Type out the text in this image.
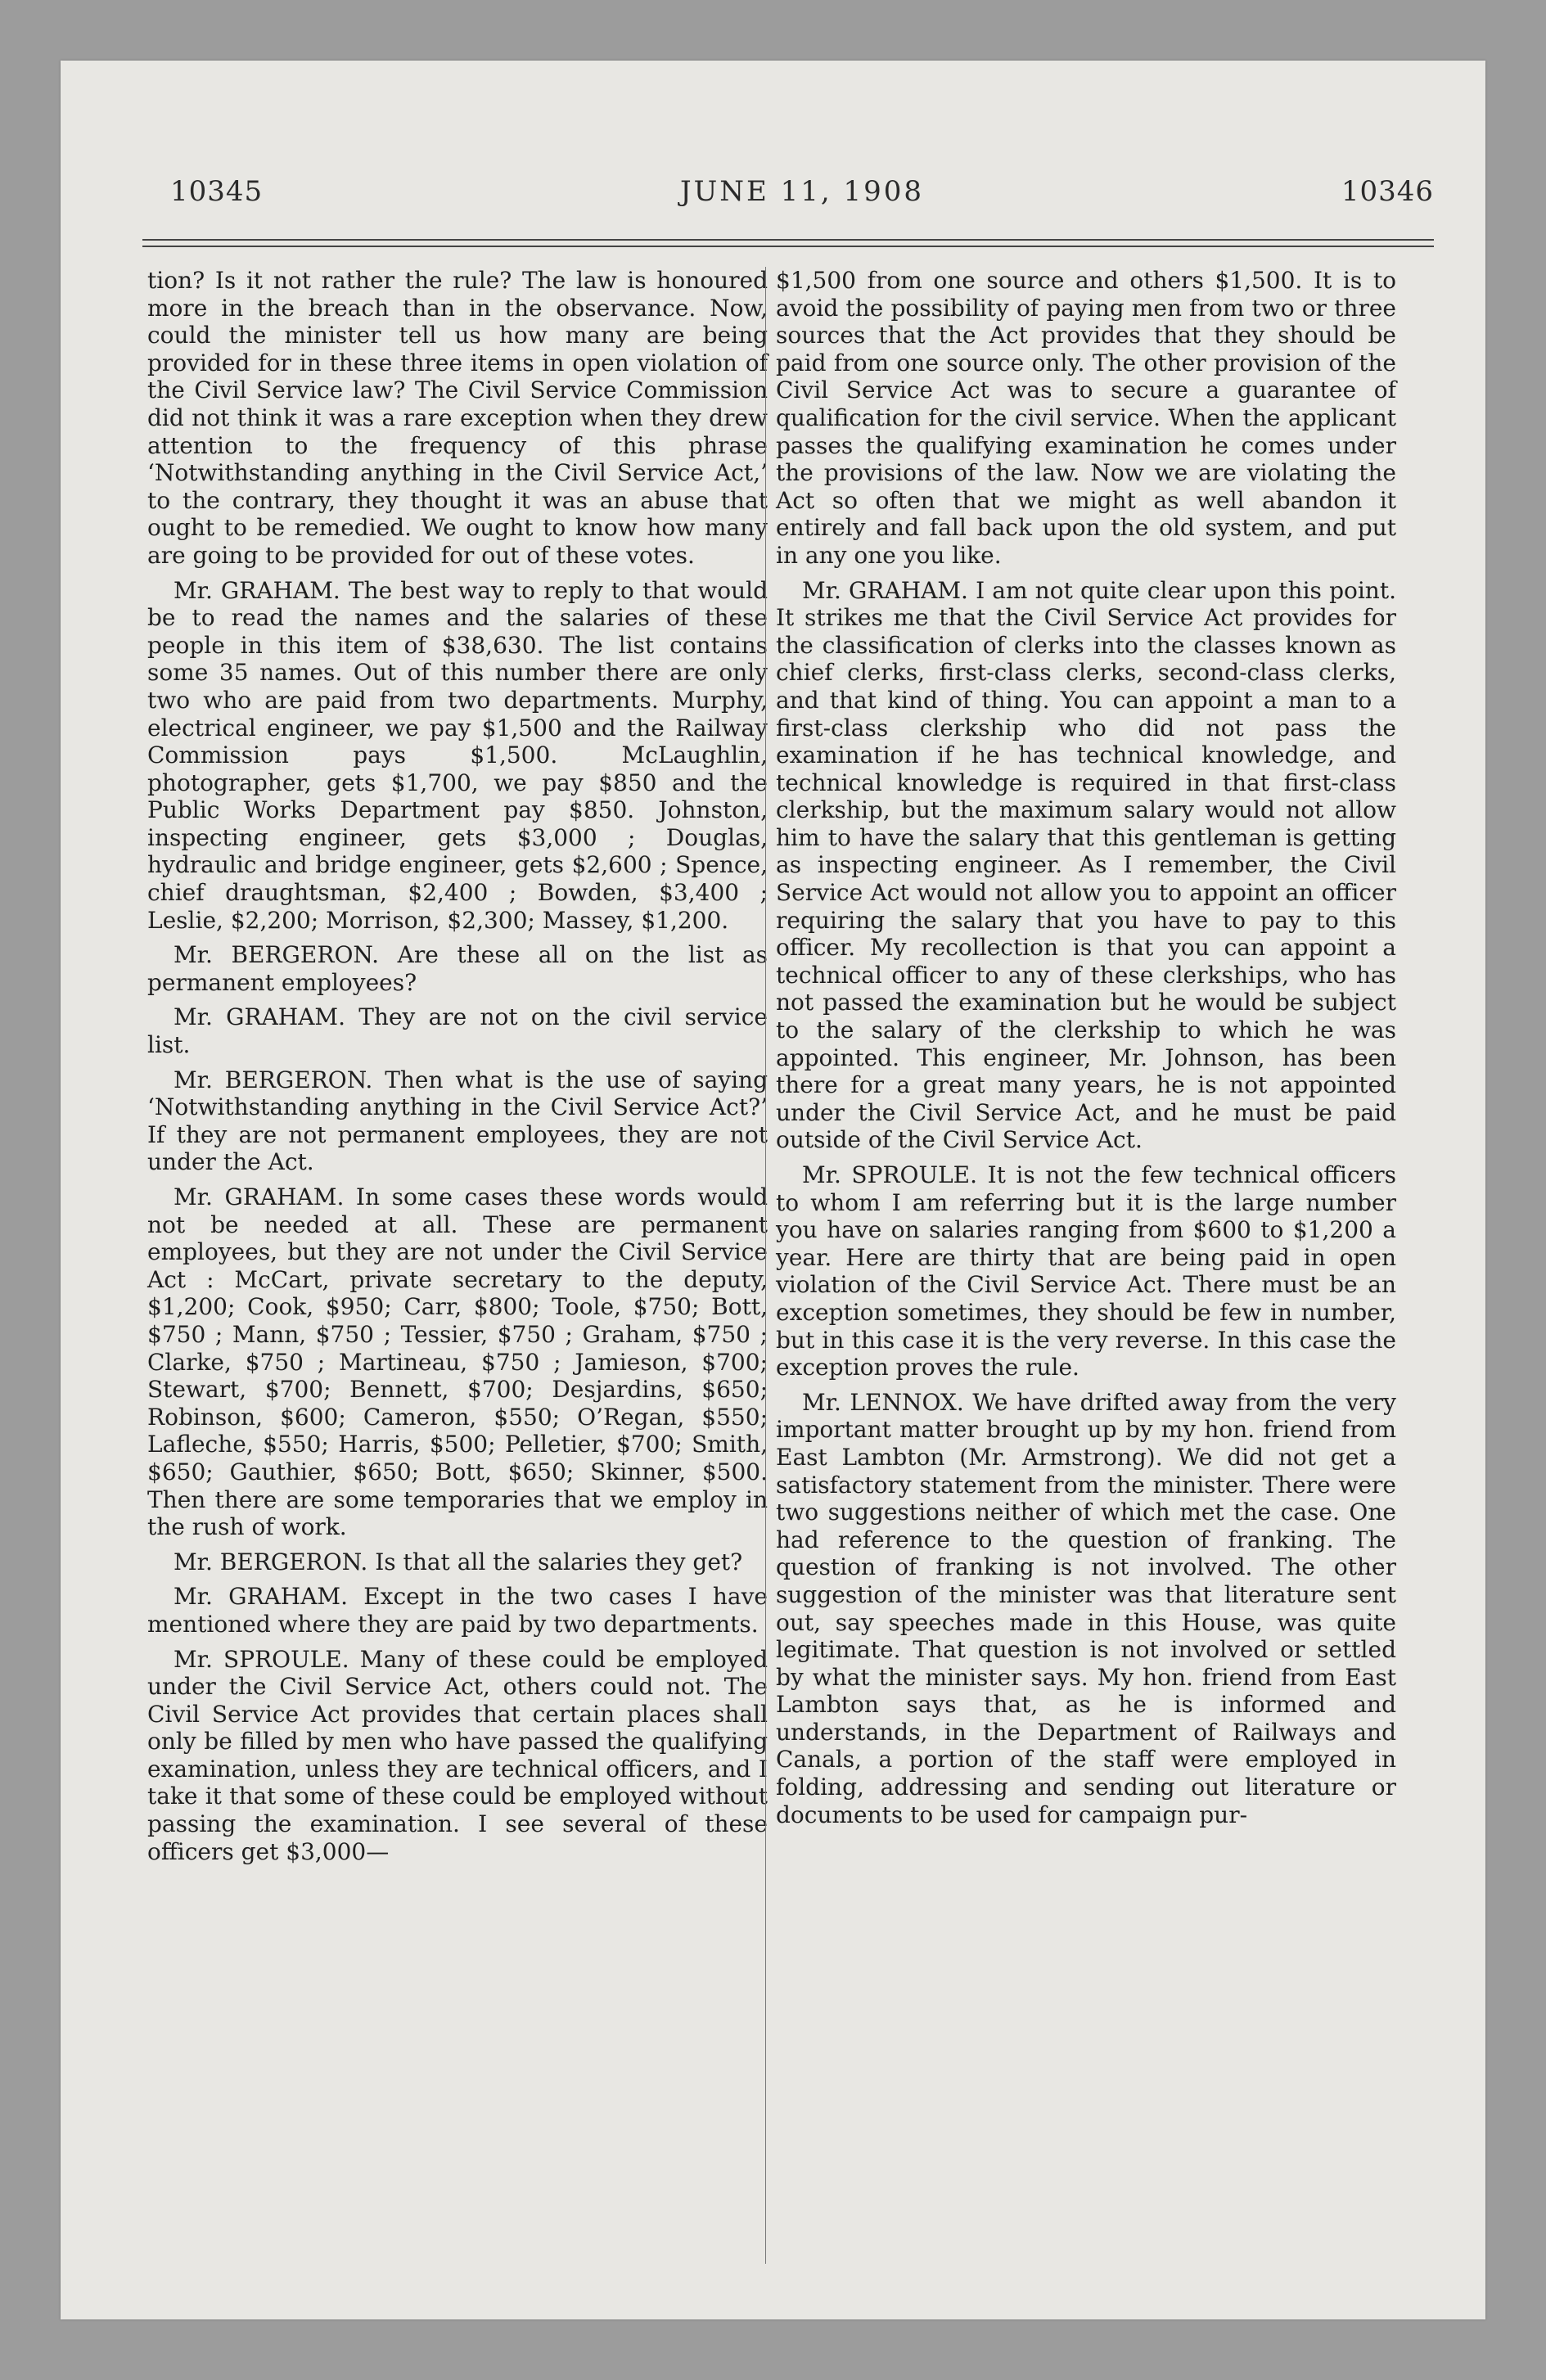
10345	JUNE 11, 1908	10346

tion? Is it not rather the rule? The law is honoured more in the breach than in the observance. Now, could the minister tell us how many are being provided for in these three items in open violation of the Civil Service law? The Civil Service Commission did not think it was a rare exception when they drew attention to the frequency of this phrase ‘Notwithstanding anything in the Civil Service Act,’ to the contrary, they thought it was an abuse that ought to be remedied. We ought to know how many are going to be provided for out of these votes.

Mr. GRAHAM. The best way to reply to that would be to read the names and the salaries of these people in this item of $38,630. The list contains some 35 names. Out of this number there are only two who are paid from two departments. Murphy, electrical engineer, we pay $1,500 and the Railway Commission pays $1,500. McLaughlin, photographer, gets $1,700, we pay $850 and the Public Works Department pay $850. Johnston, inspecting engineer, gets $3,000 ; Douglas, hydraulic and bridge engineer, gets $2,600 ; Spence, chief draughtsman, $2,400 ; Bowden, $3,400 ; Leslie, $2,200; Morrison, $2,300; Massey, $1,200.

Mr. BERGERON. Are these all on the list as permanent employees?

Mr. GRAHAM. They are not on the civil service list.

Mr. BERGERON. Then what is the use of saying ‘Notwithstanding anything in the Civil Service Act?’ If they are not permanent employees, they are not under the Act.

Mr. GRAHAM. In some cases these words would not be needed at all. These are permanent employees, but they are not under the Civil Service Act : McCart, private secretary to the deputy, $1,200; Cook, $950; Carr, $800; Toole, $750; Bott, $750 ; Mann, $750 ; Tessier, $750 ; Graham, $750 ; Clarke, $750 ; Martineau, $750 ; Jamieson, $700; Stewart, $700; Bennett, $700; Desjardins, $650; Robinson, $600; Cameron, $550; O’Regan, $550; Lafleche, $550; Harris, $500; Pelletier, $700; Smith, $650; Gauthier, $650; Bott, $650; Skinner, $500. Then there are some temporaries that we employ in the rush of work.

Mr. BERGERON. Is that all the salaries they get?

Mr. GRAHAM. Except in the two cases I have mentioned where they are paid by two departments.

Mr. SPROULE. Many of these could be employed under the Civil Service Act, others could not. The Civil Service Act provides that certain places shall only be filled by men who have passed the qualifying examination, unless they are technical officers, and I take it that some of these could be employed without passing the examination. I see several of these officers get $3,000—

$1,500 from one source and others $1,500. It is to avoid the possibility of paying men from two or three sources that the Act provides that they should be paid from one source only. The other provision of the Civil Service Act was to secure a guarantee of qualification for the civil service. When the applicant passes the qualifying examination he comes under the provisions of the law. Now we are violating the Act so often that we might as well abandon it entirely and fall back upon the old system, and put in any one you like.

Mr. GRAHAM. I am not quite clear upon this point. It strikes me that the Civil Service Act provides for the classification of clerks into the classes known as chief clerks, first-class clerks, second-class clerks, and that kind of thing. You can appoint a man to a first-class clerkship who did not pass the examination if he has technical knowledge, and technical knowledge is required in that first-class clerkship, but the maximum salary would not allow him to have the salary that this gentleman is getting as inspecting engineer. As I remember, the Civil Service Act would not allow you to appoint an officer requiring the salary that you have to pay to this officer. My recollection is that you can appoint a technical officer to any of these clerkships, who has not passed the examination but he would be subject to the salary of the clerkship to which he was appointed. This engineer, Mr. Johnson, has been there for a great many years, he is not appointed under the Civil Service Act, and he must be paid outside of the Civil Service Act.

Mr. SPROULE. It is not the few technical officers to whom I am referring but it is the large number you have on salaries ranging from $600 to $1,200 a year. Here are thirty that are being paid in open violation of the Civil Service Act. There must be an exception sometimes, they should be few in number, but in this case it is the very reverse. In this case the exception proves the rule.

Mr. LENNOX. We have drifted away from the very important matter brought up by my hon. friend from East Lambton (Mr. Armstrong). We did not get a satisfactory statement from the minister. There were two suggestions neither of which met the case. One had reference to the question of franking. The question of franking is not involved. The other suggestion of the minister was that literature sent out, say speeches made in this House, was quite legitimate. That question is not involved or settled by what the minister says. My hon. friend from East Lambton says that, as he is informed and understands, in the Department of Railways and Canals, a portion of the staff were employed in folding, addressing and sending out literature or documents to be used for campaign pur-
